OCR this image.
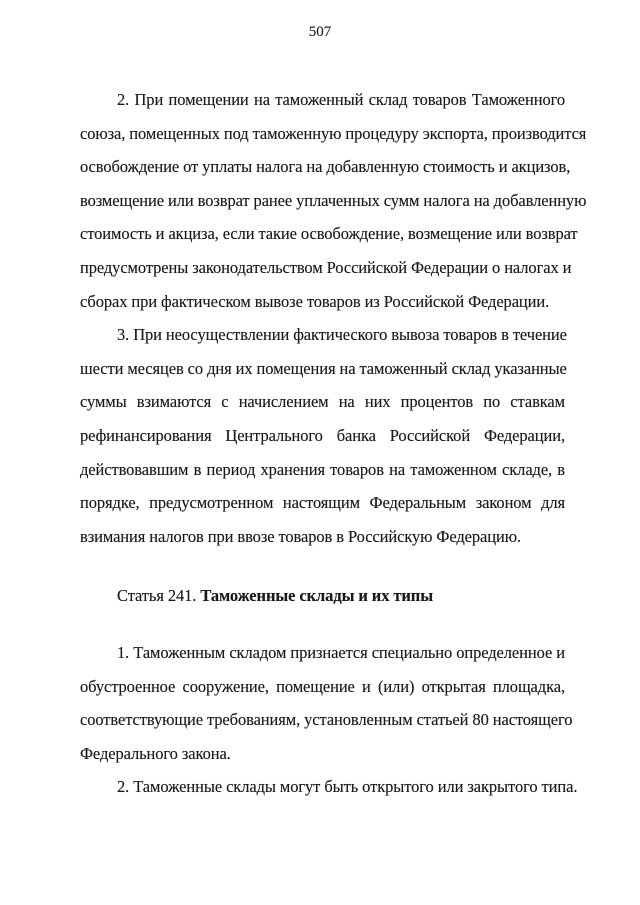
507
2. При помещении на таможенный склад товаров Таможенного
союза, помещенных под таможенную процедуру экспорта, производится
освобождение от уплаты налога на добавленную стоимость и акцизов,
возмещение или возврат ранее уплаченных сумм налога на добавленную
стоимость и акциза, если такие освобождение, возмещение или возврат
предусмотрены законодательством Российской Федерации о налогах и
сборах при фактическом вывозе товаров из Российской Федерации.
3. При неосуществлении фактического вывоза товаров в течение
шести месяцев со дня их помещения на таможенный склад указанные
суммы взимаются с начислением на них процентов по ставкам
рефинансирования Центрального банка Российской Федерации,
действовавшим в период хранения товаров на таможенном складе, в
порядке, предусмотренном настоящим Федеральным законом для
взимания налогов при ввозе товаров в Российскую Федерацию.
Статья 241. Таможенные склады и их типы
1. Таможенным складом признается специально определенное и
обустроенное сооружение, помещение и (или) открытая площадка,
соответствующие требованиям, установленным статьей 80 настоящего
Федерального закона.
2. Таможенные склады могут быть открытого или закрытого типа.
